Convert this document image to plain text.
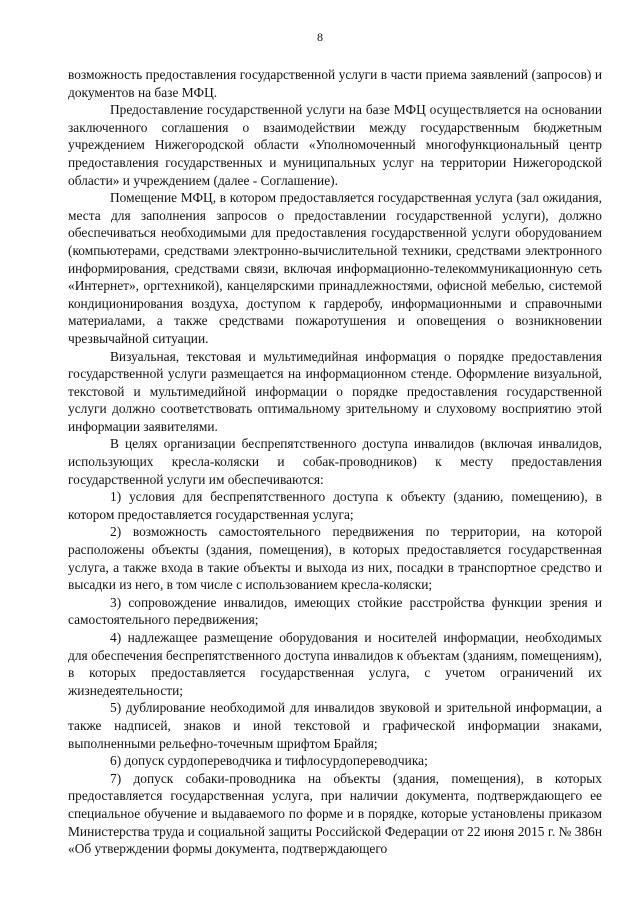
8

возможность предоставления государственной услуги в части приема заявлений (запросов) и документов на базе МФЦ.

Предоставление государственной услуги на базе МФЦ осуществляется на основании заключенного соглашения о взаимодействии между государственным бюджетным учреждением Нижегородской области «Уполномоченный многофункциональный центр предоставления государственных и муниципальных услуг на территории Нижегородской области» и учреждением (далее - Соглашение).

Помещение МФЦ, в котором предоставляется государственная услуга (зал ожидания, места для заполнения запросов о предоставлении государственной услуги), должно обеспечиваться необходимыми для предоставления государственной услуги оборудованием (компьютерами, средствами электронно-вычислительной техники, средствами электронного информирования, средствами связи, включая информационно-телекоммуникационную сеть «Интернет», оргтехникой), канцелярскими принадлежностями, офисной мебелью, системой кондиционирования воздуха, доступом к гардеробу, информационными и справочными материалами, а также средствами пожаротушения и оповещения о возникновении чрезвычайной ситуации.

Визуальная, текстовая и мультимедийная информация о порядке предоставления государственной услуги размещается на информационном стенде. Оформление визуальной, текстовой и мультимедийной информации о порядке предоставления государственной услуги должно соответствовать оптимальному зрительному и слуховому восприятию этой информации заявителями.

В целях организации беспрепятственного доступа инвалидов (включая инвалидов, использующих кресла-коляски и собак-проводников) к месту предоставления государственной услуги им обеспечиваются:

1) условия для беспрепятственного доступа к объекту (зданию, помещению), в котором предоставляется государственная услуга;

2) возможность самостоятельного передвижения по территории, на которой расположены объекты (здания, помещения), в которых предоставляется государственная услуга, а также входа в такие объекты и выхода из них, посадки в транспортное средство и высадки из него, в том числе с использованием кресла-коляски;

3) сопровождение инвалидов, имеющих стойкие расстройства функции зрения и самостоятельного передвижения;

4) надлежащее размещение оборудования и носителей информации, необходимых для обеспечения беспрепятственного доступа инвалидов к объектам (зданиям, помещениям), в которых предоставляется государственная услуга, с учетом ограничений их жизнедеятельности;

5) дублирование необходимой для инвалидов звуковой и зрительной информации, а также надписей, знаков и иной текстовой и графической информации знаками, выполненными рельефно-точечным шрифтом Брайля;

6) допуск сурдопереводчика и тифлосурдопереводчика;

7) допуск собаки-проводника на объекты (здания, помещения), в которых предоставляется государственная услуга, при наличии документа, подтверждающего ее специальное обучение и выдаваемого по форме и в порядке, которые установлены приказом Министерства труда и социальной защиты Российской Федерации от 22 июня 2015 г. № 386н «Об утверждении формы документа, подтверждающего
